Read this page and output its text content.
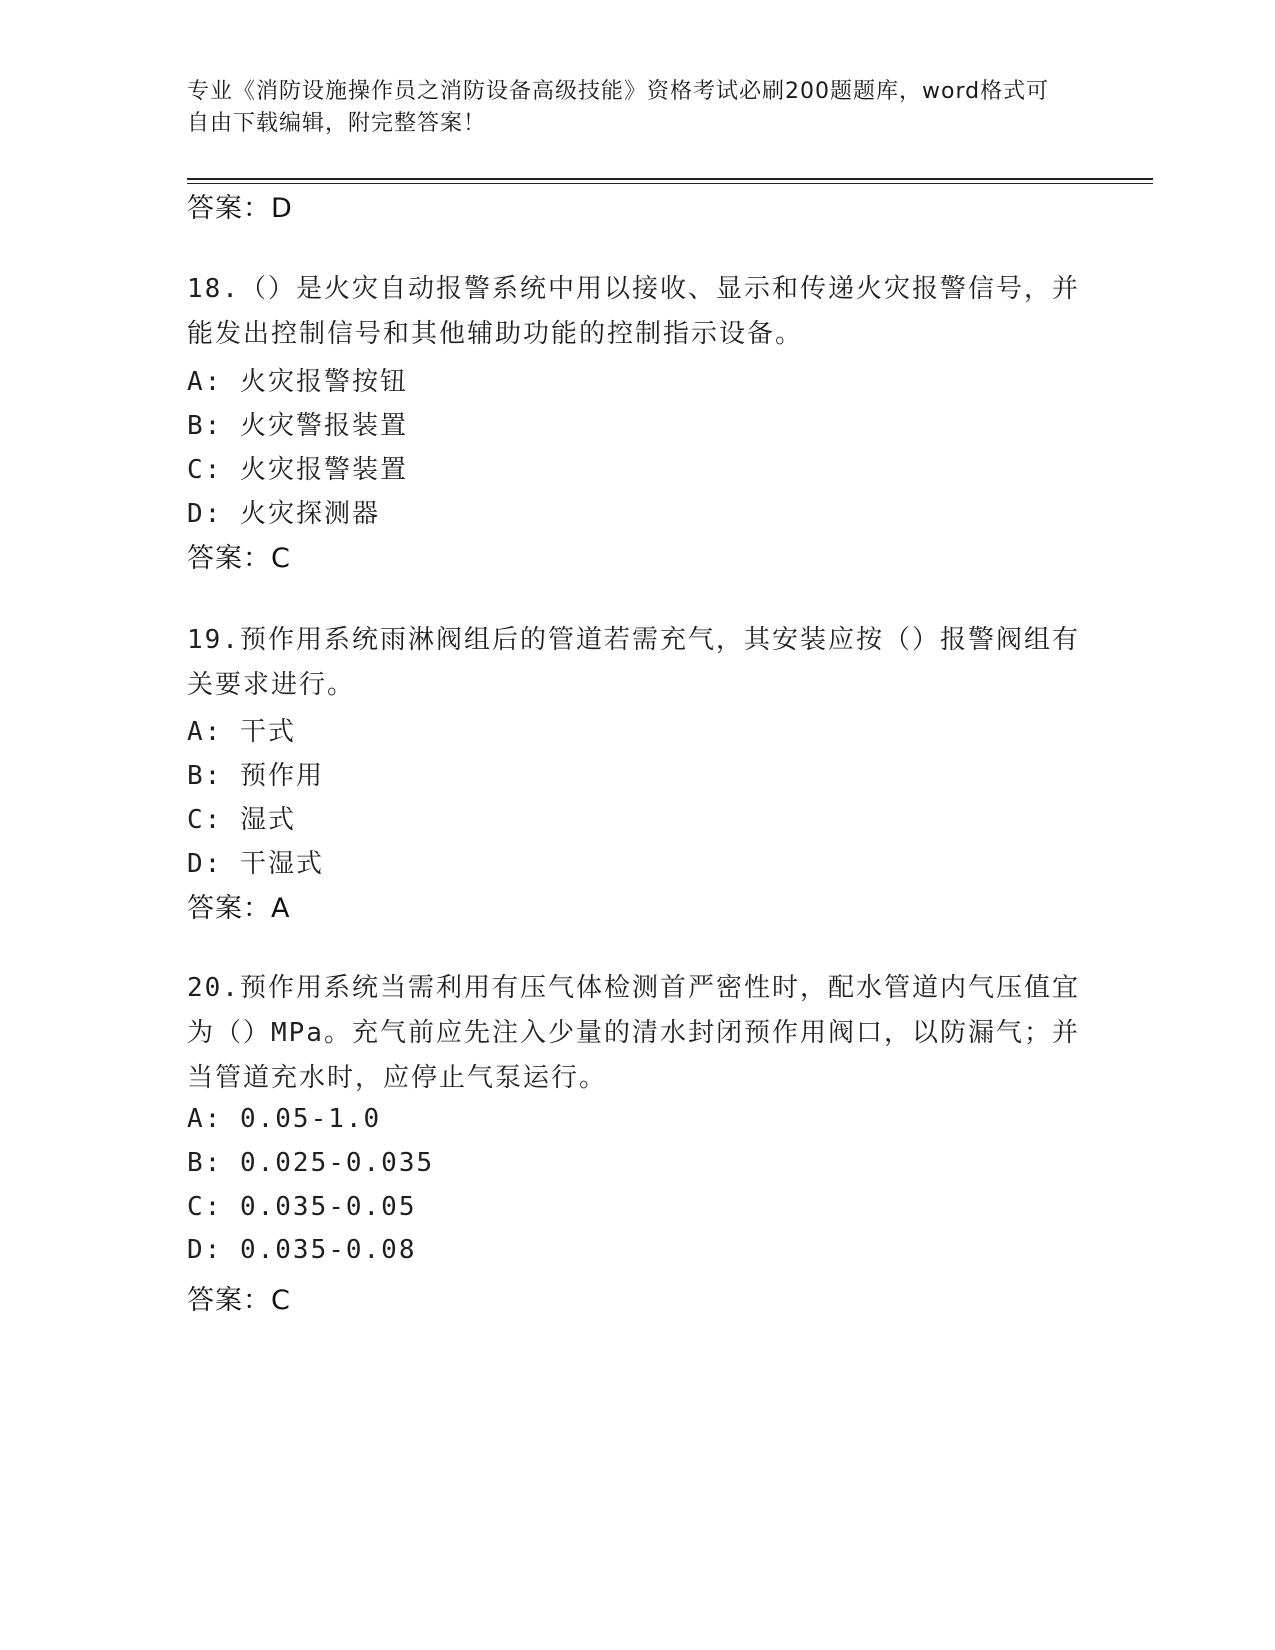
专业《消防设施操作员之消防设备高级技能》资格考试必刷200题题库，word格式可自由下载编辑，附完整答案！
答案：D
18.（）是火灾自动报警系统中用以接收、显示和传递火灾报警信号，并能发出控制信号和其他辅助功能的控制指示设备。
A: 火灾报警按钮
B: 火灾警报装置
C: 火灾报警装置
D: 火灾探测器
答案：C
19.预作用系统雨淋阀组后的管道若需充气，其安装应按（）报警阀组有关要求进行。
A: 干式
B: 预作用
C: 湿式
D: 干湿式
答案：A
20.预作用系统当需利用有压气体检测首严密性时，配水管道内气压值宜为（）MPa。充气前应先注入少量的清水封闭预作用阀口，以防漏气；并当管道充水时，应停止气泵运行。
A: 0.05-1.0
B: 0.025-0.035
C: 0.035-0.05
D: 0.035-0.08
答案：C
